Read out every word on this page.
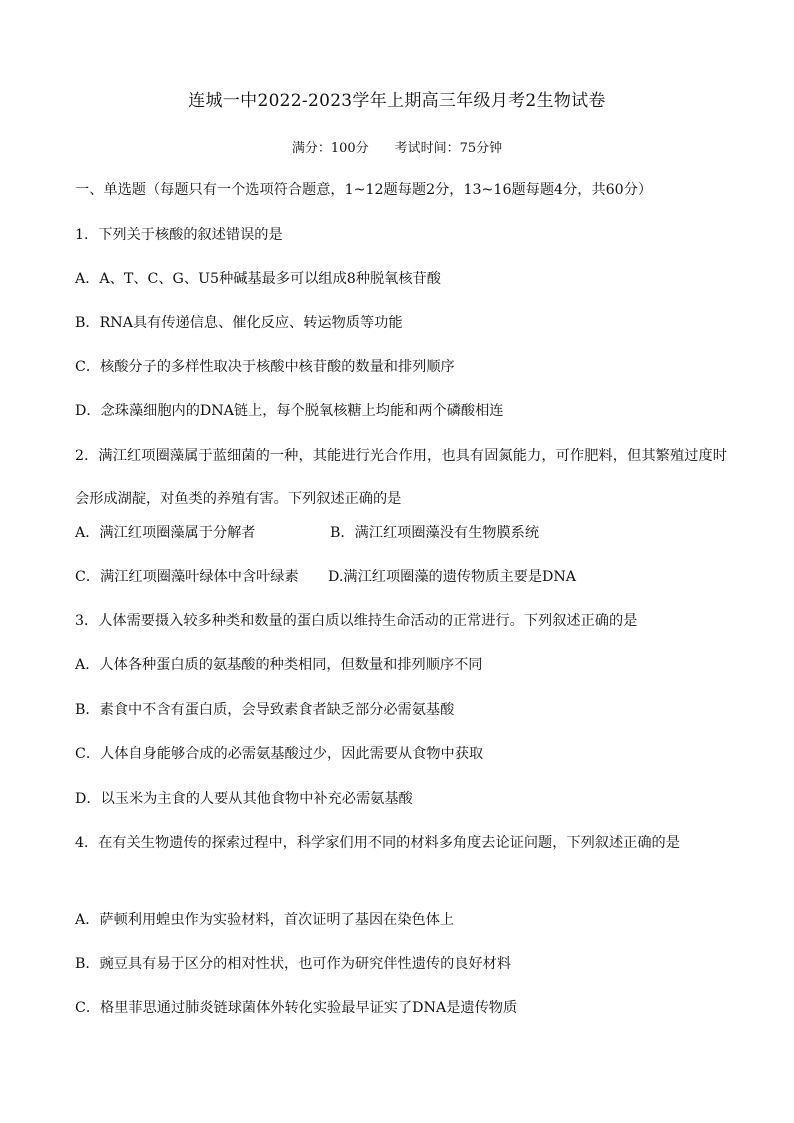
连城一中2022-2023学年上期高三年级月考2生物试卷
满分：100分 考试时间：75分钟
一、单选题（每题只有一个选项符合题意，1~12题每题2分，13~16题每题4分，共60分）
1．下列关于核酸的叙述错误的是
A．A、T、C、G、U5种碱基最多可以组成8种脱氧核苷酸
B．RNA具有传递信息、催化反应、转运物质等功能
C．核酸分子的多样性取决于核酸中核苷酸的数量和排列顺序
D．念珠藻细胞内的DNA链上，每个脱氧核糖上均能和两个磷酸相连
2．满江红项圈藻属于蓝细菌的一种，其能进行光合作用，也具有固氮能力，可作肥料，但其繁殖过度时会形成湖靛，对鱼类的养殖有害。下列叙述正确的是
A．满江红项圈藻属于分解者	B．满江红项圈藻没有生物膜系统
C．满江红项圈藻叶绿体中含叶绿素 D.满江红项圈藻的遗传物质主要是DNA
3．人体需要摄入较多种类和数量的蛋白质以维持生命活动的正常进行。下列叙述正确的是
A．人体各种蛋白质的氨基酸的种类相同，但数量和排列顺序不同
B．素食中不含有蛋白质，会导致素食者缺乏部分必需氨基酸
C．人体自身能够合成的必需氨基酸过少，因此需要从食物中获取
D．以玉米为主食的人要从其他食物中补充必需氨基酸
4．在有关生物遗传的探索过程中，科学家们用不同的材料多角度去论证问题，下列叙述正确的是
A．萨顿利用蝗虫作为实验材料，首次证明了基因在染色体上
B．豌豆具有易于区分的相对性状，也可作为研究伴性遗传的良好材料
C．格里菲思通过肺炎链球菌体外转化实验最早证实了DNA是遗传物质
